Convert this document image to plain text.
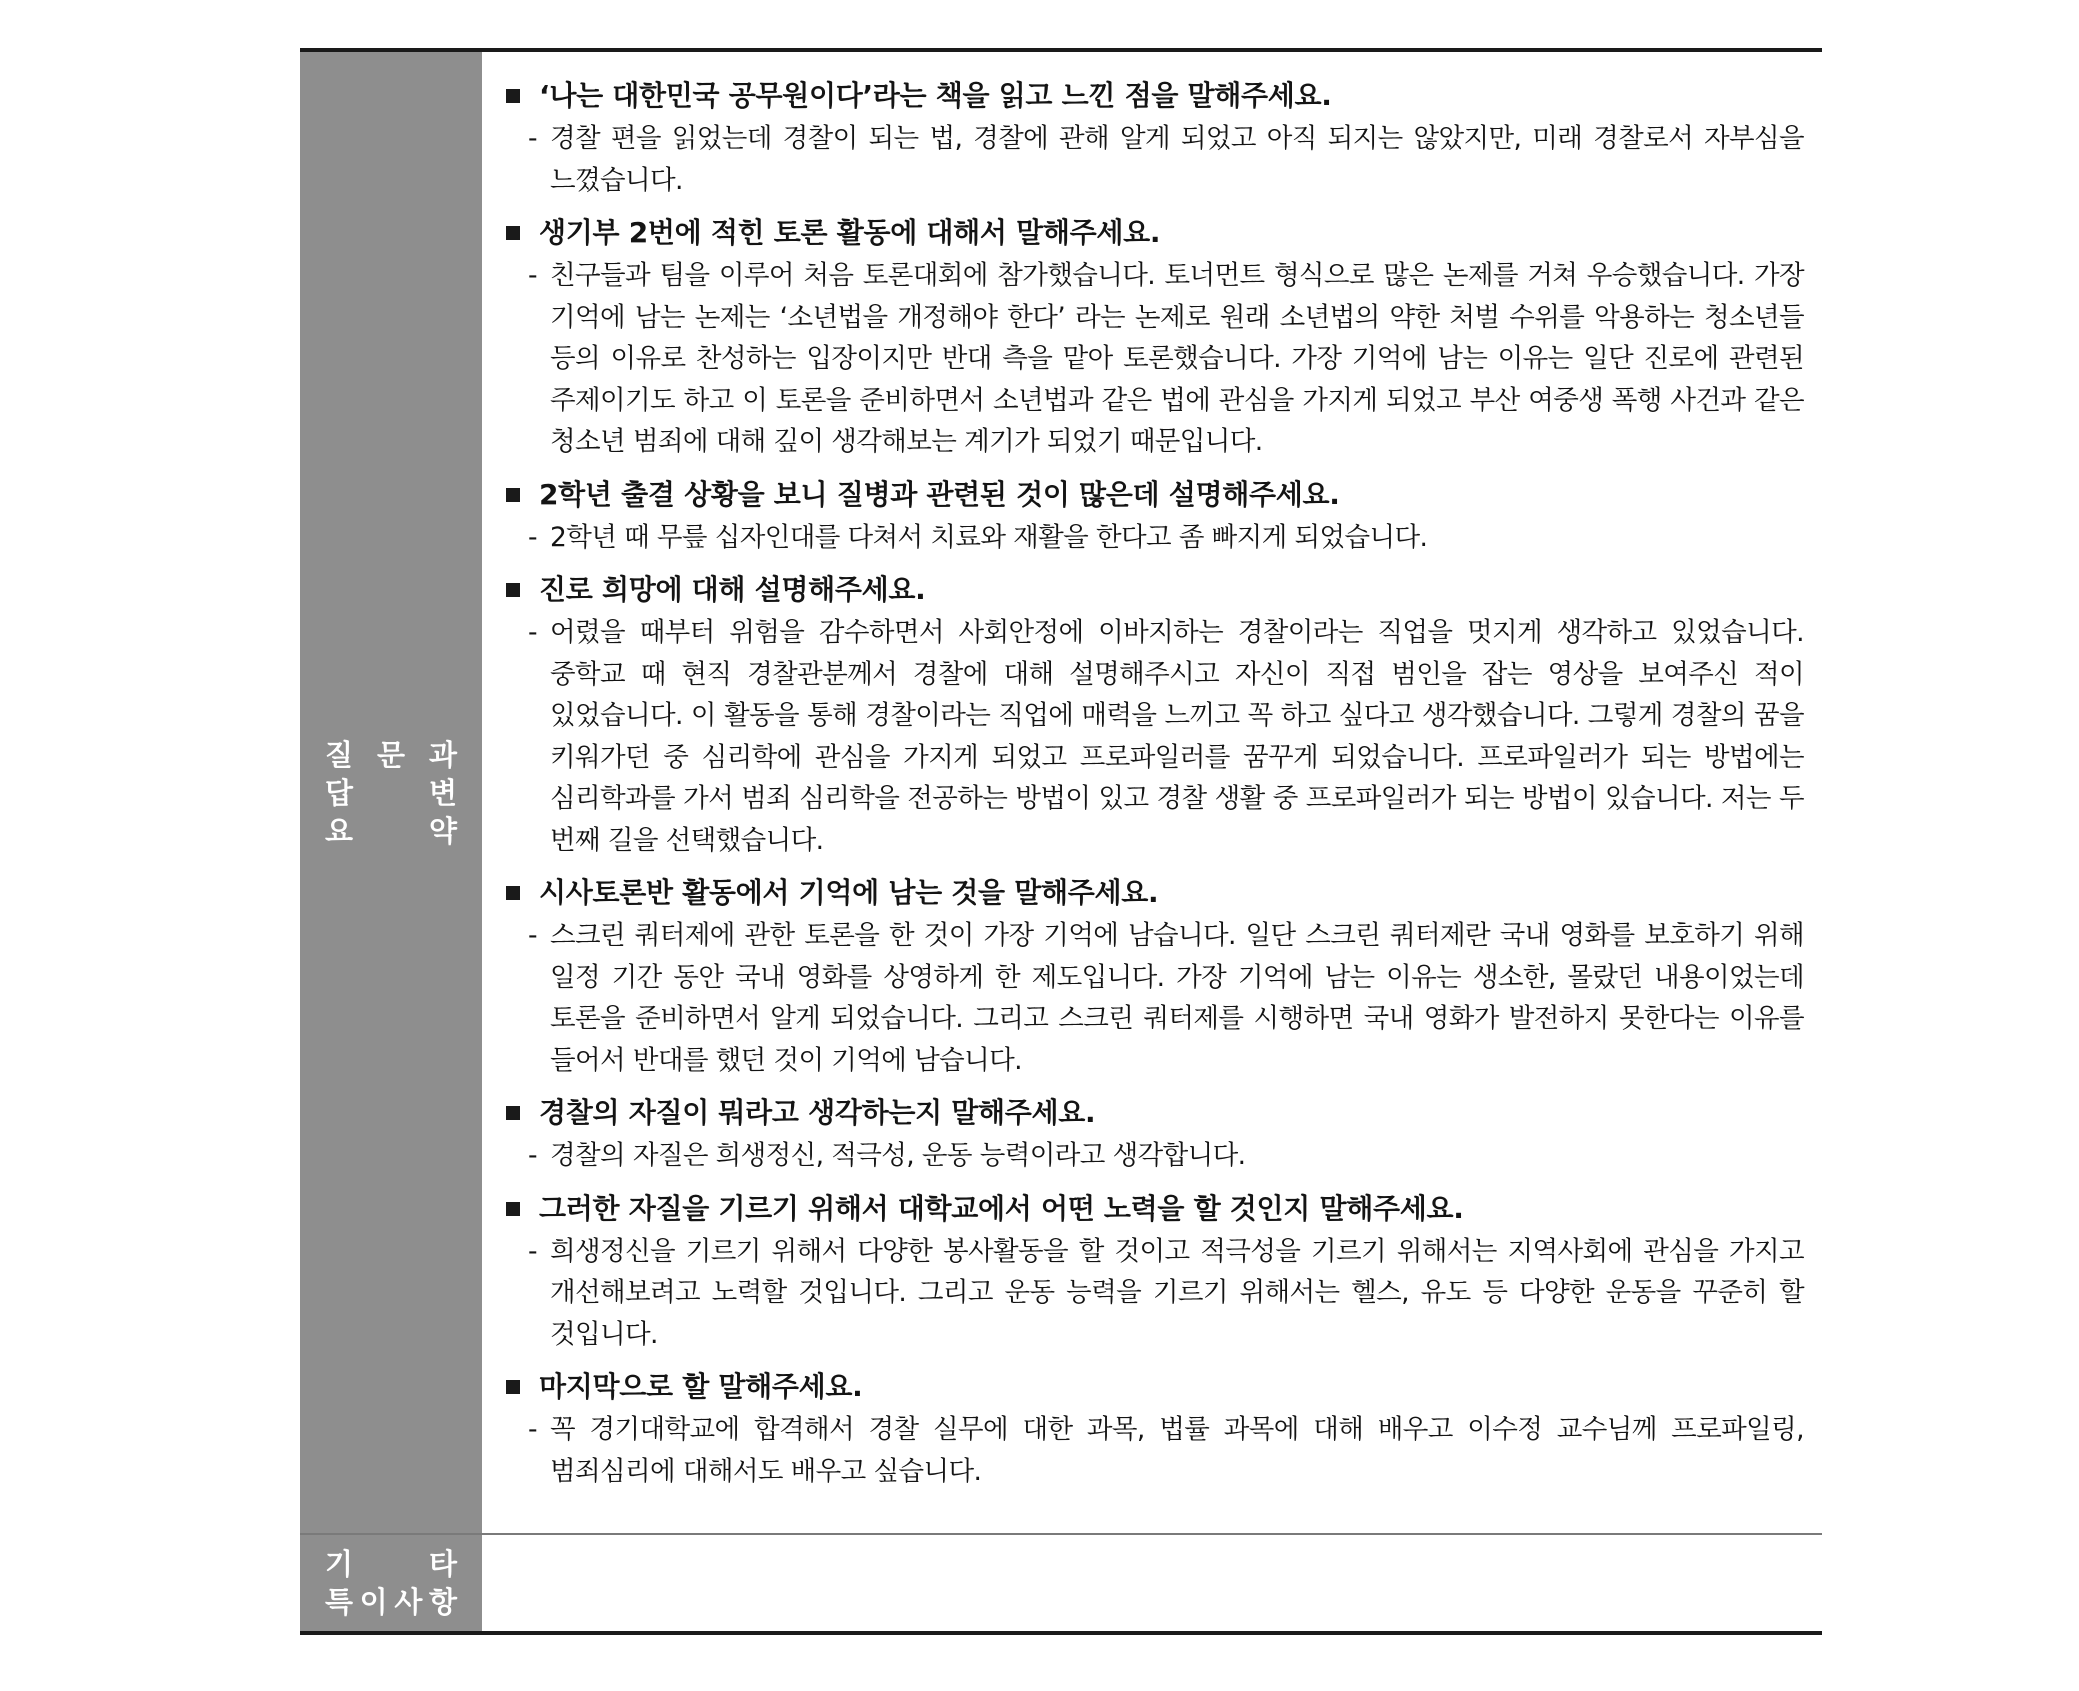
질 문 과
답	변
요	약
‘나는 대한민국 공무원이다’라는 책을 읽고 느낀 점을 말해주세요.
- 경찰 편을 읽었는데 경찰이 되는 법, 경찰에 관해 알게 되었고 아직 되지는 않았지만, 미래 경찰로서 자부심을 느꼈습니다.
생기부 2번에 적힌 토론 활동에 대해서 말해주세요.
- 친구들과 팀을 이루어 처음 토론대회에 참가했습니다. 토너먼트 형식으로 많은 논제를 거쳐 우승했습니다. 가장 기억에 남는 논제는 ‘소년법을 개정해야 한다’ 라는 논제로 원래 소년법의 약한 처벌 수위를 악용하는 청소년들 등의 이유로 찬성하는 입장이지만 반대 측을 맡아 토론했습니다. 가장 기억에 남는 이유는 일단 진로에 관련된 주제이기도 하고 이 토론을 준비하면서 소년법과 같은 법에 관심을 가지게 되었고 부산 여중생 폭행 사건과 같은 청소년 범죄에 대해 깊이 생각해보는 계기가 되었기 때문입니다.
2학년 출결 상황을 보니 질병과 관련된 것이 많은데 설명해주세요.
- 2학년 때 무릎 십자인대를 다쳐서 치료와 재활을 한다고 좀 빠지게 되었습니다.
진로 희망에 대해 설명해주세요.
- 어렸을 때부터 위험을 감수하면서 사회안정에 이바지하는 경찰이라는 직업을 멋지게 생각하고 있었습니다. 중학교 때 현직 경찰관분께서 경찰에 대해 설명해주시고 자신이 직접 범인을 잡는 영상을 보여주신 적이 있었습니다. 이 활동을 통해 경찰이라는 직업에 매력을 느끼고 꼭 하고 싶다고 생각했습니다. 그렇게 경찰의 꿈을 키워가던 중 심리학에 관심을 가지게 되었고 프로파일러를 꿈꾸게 되었습니다. 프로파일러가 되는 방법에는 심리학과를 가서 범죄 심리학을 전공하는 방법이 있고 경찰 생활 중 프로파일러가 되는 방법이 있습니다. 저는 두 번째 길을 선택했습니다.
시사토론반 활동에서 기억에 남는 것을 말해주세요.
- 스크린 쿼터제에 관한 토론을 한 것이 가장 기억에 남습니다. 일단 스크린 쿼터제란 국내 영화를 보호하기 위해 일정 기간 동안 국내 영화를 상영하게 한 제도입니다. 가장 기억에 남는 이유는 생소한, 몰랐던 내용이었는데 토론을 준비하면서 알게 되었습니다. 그리고 스크린 쿼터제를 시행하면 국내 영화가 발전하지 못한다는 이유를 들어서 반대를 했던 것이 기억에 남습니다.
경찰의 자질이 뭐라고 생각하는지 말해주세요.
- 경찰의 자질은 희생정신, 적극성, 운동 능력이라고 생각합니다.
그러한 자질을 기르기 위해서 대학교에서 어떤 노력을 할 것인지 말해주세요.
- 희생정신을 기르기 위해서 다양한 봉사활동을 할 것이고 적극성을 기르기 위해서는 지역사회에 관심을 가지고 개선해보려고 노력할 것입니다. 그리고 운동 능력을 기르기 위해서는 헬스, 유도 등 다양한 운동을 꾸준히 할 것입니다.
마지막으로 할 말해주세요.
- 꼭 경기대학교에 합격해서 경찰 실무에 대한 과목, 법률 과목에 대해 배우고 이수정 교수님께 프로파일링, 범죄심리에 대해서도 배우고 싶습니다.
기	타
특 이 사 항
